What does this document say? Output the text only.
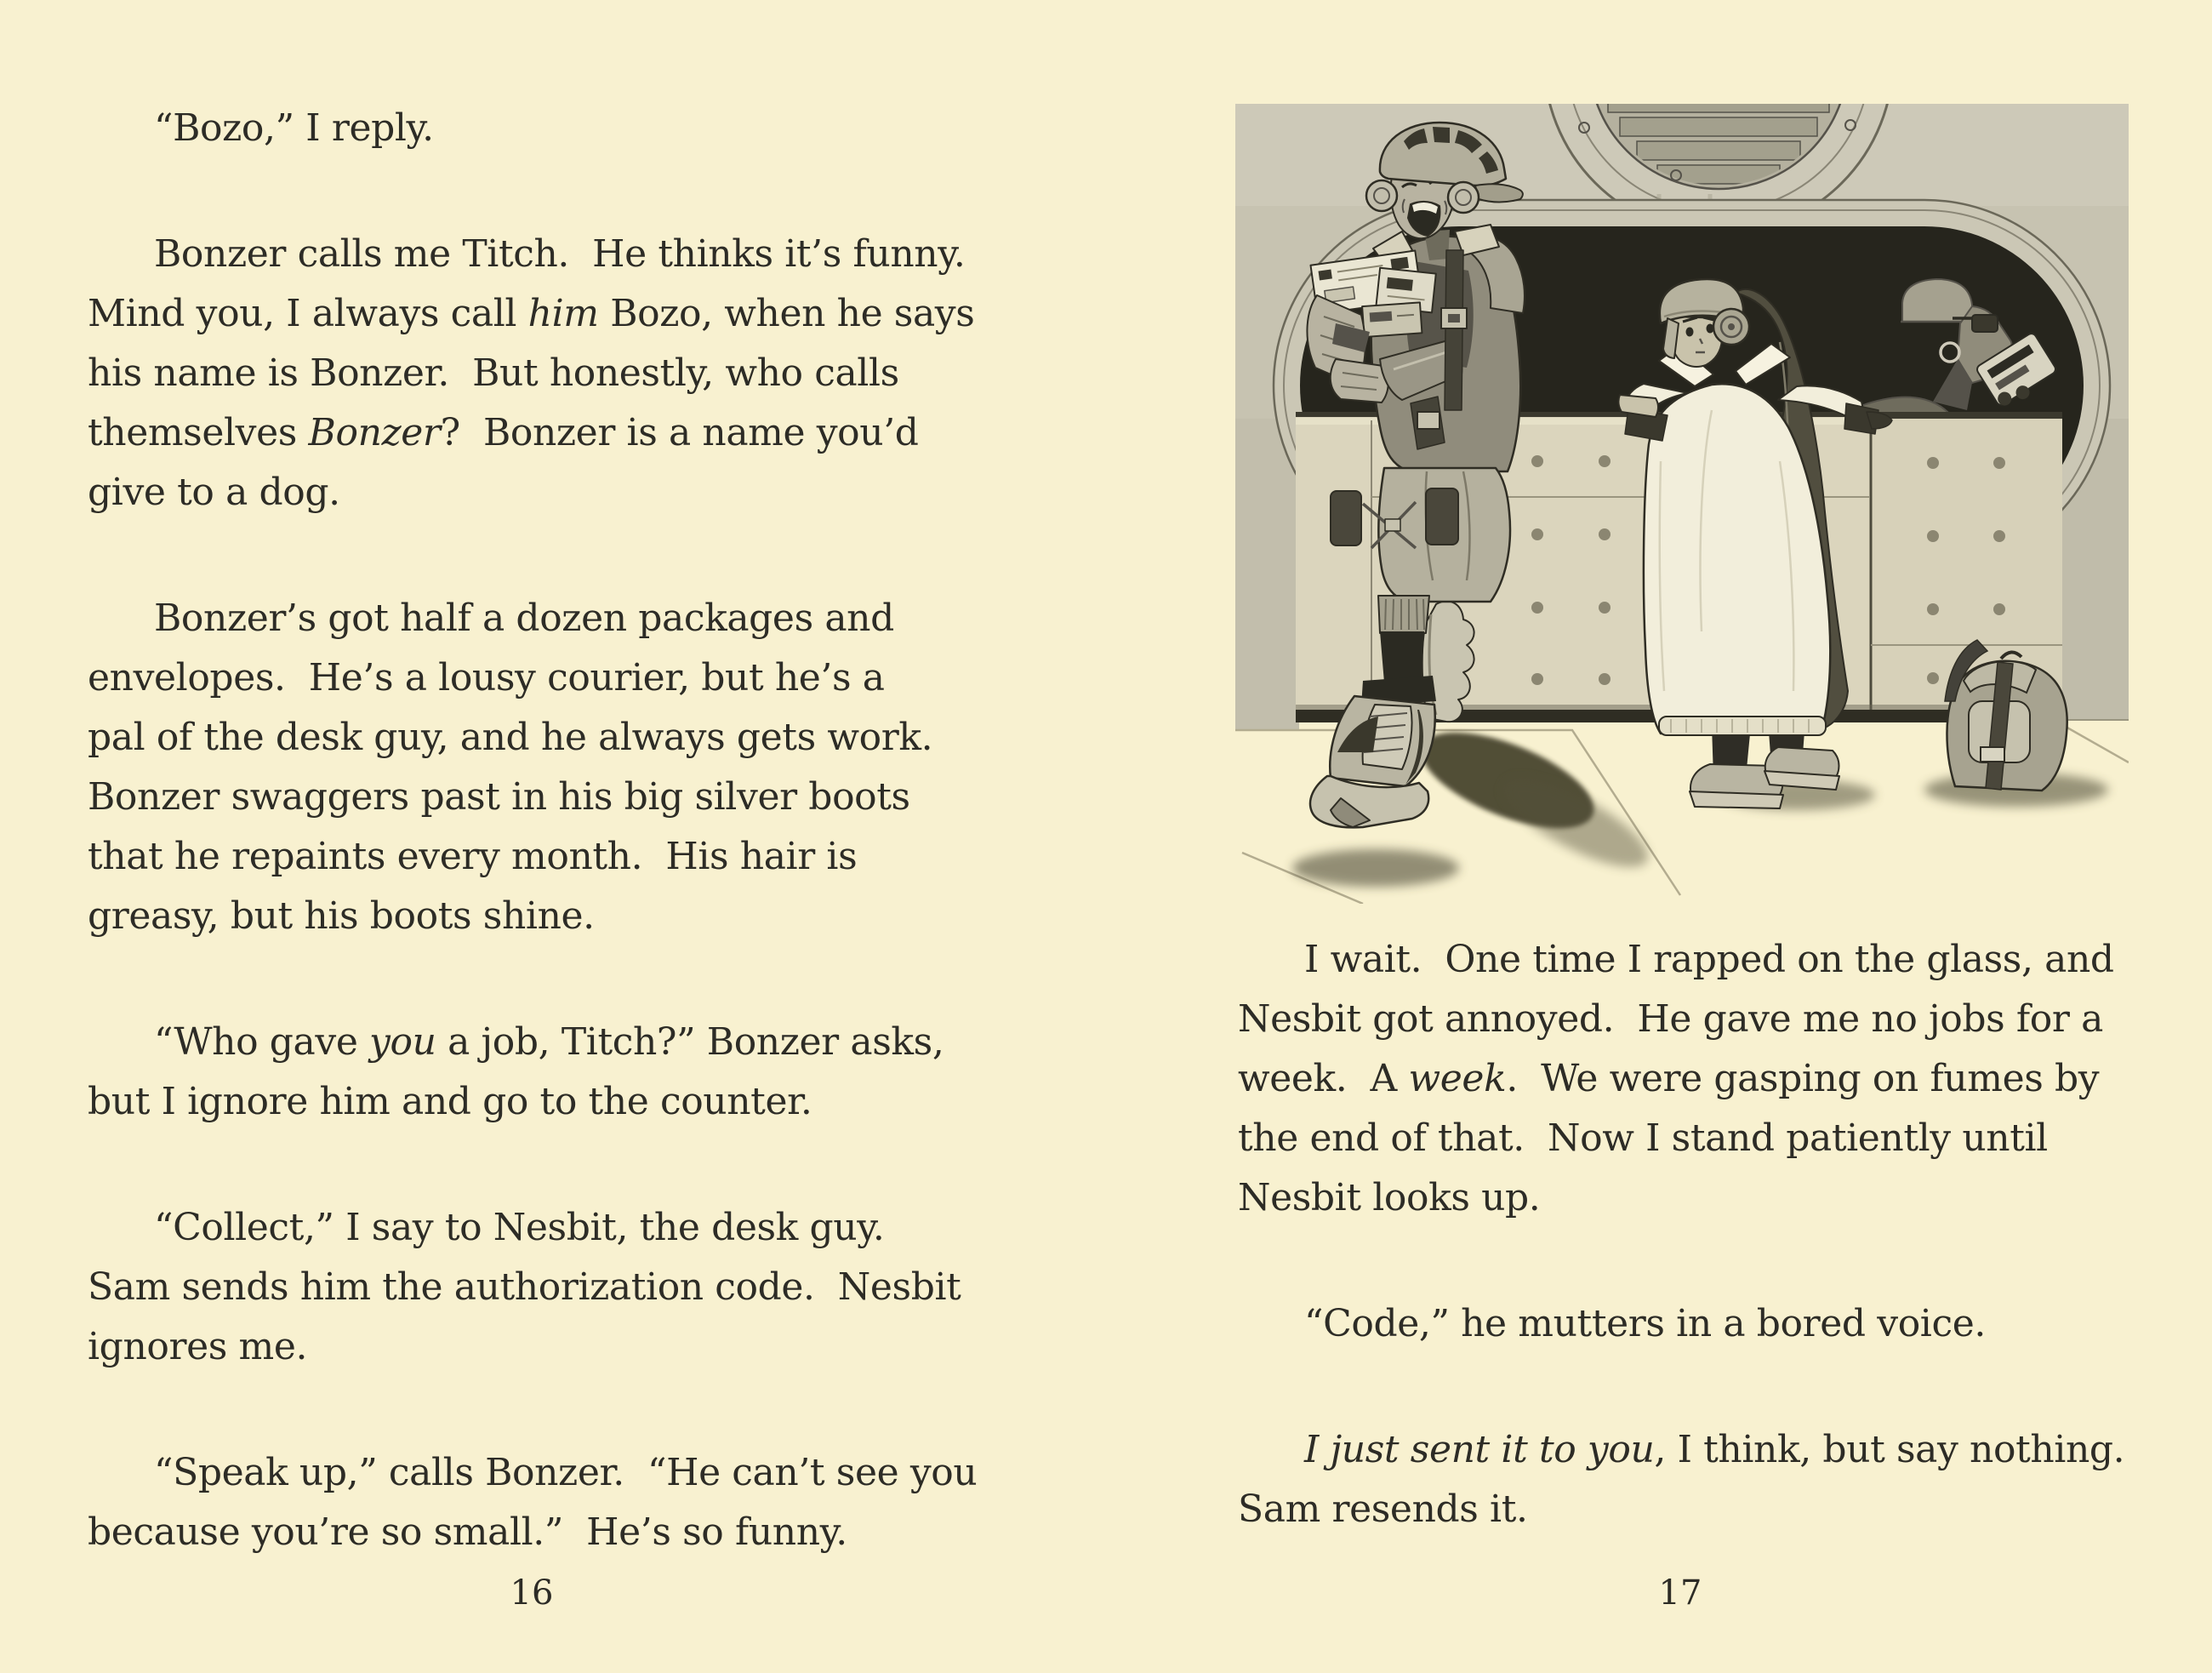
“Bozo,” I reply.

Bonzer calls me Titch.  He thinks it’s funny.
Mind you, I always call him Bozo, when he says
his name is Bonzer.  But honestly, who calls
themselves Bonzer?  Bonzer is a name you’d
give to a dog.

Bonzer’s got half a dozen packages and
envelopes.  He’s a lousy courier, but he’s a
pal of the desk guy, and he always gets work.
Bonzer swaggers past in his big silver boots
that he repaints every month.  His hair is
greasy, but his boots shine.

“Who gave you a job, Titch?” Bonzer asks,
but I ignore him and go to the counter.

“Collect,” I say to Nesbit, the desk guy.
Sam sends him the authorization code.  Nesbit
ignores me.

“Speak up,” calls Bonzer.  “He can’t see you
because you’re so small.”  He’s so funny.

16

I wait.  One time I rapped on the glass, and
Nesbit got annoyed.  He gave me no jobs for a
week.  A week.  We were gasping on fumes by
the end of that.  Now I stand patiently until
Nesbit looks up.

“Code,” he mutters in a bored voice.

I just sent it to you, I think, but say nothing.
Sam resends it.

17
